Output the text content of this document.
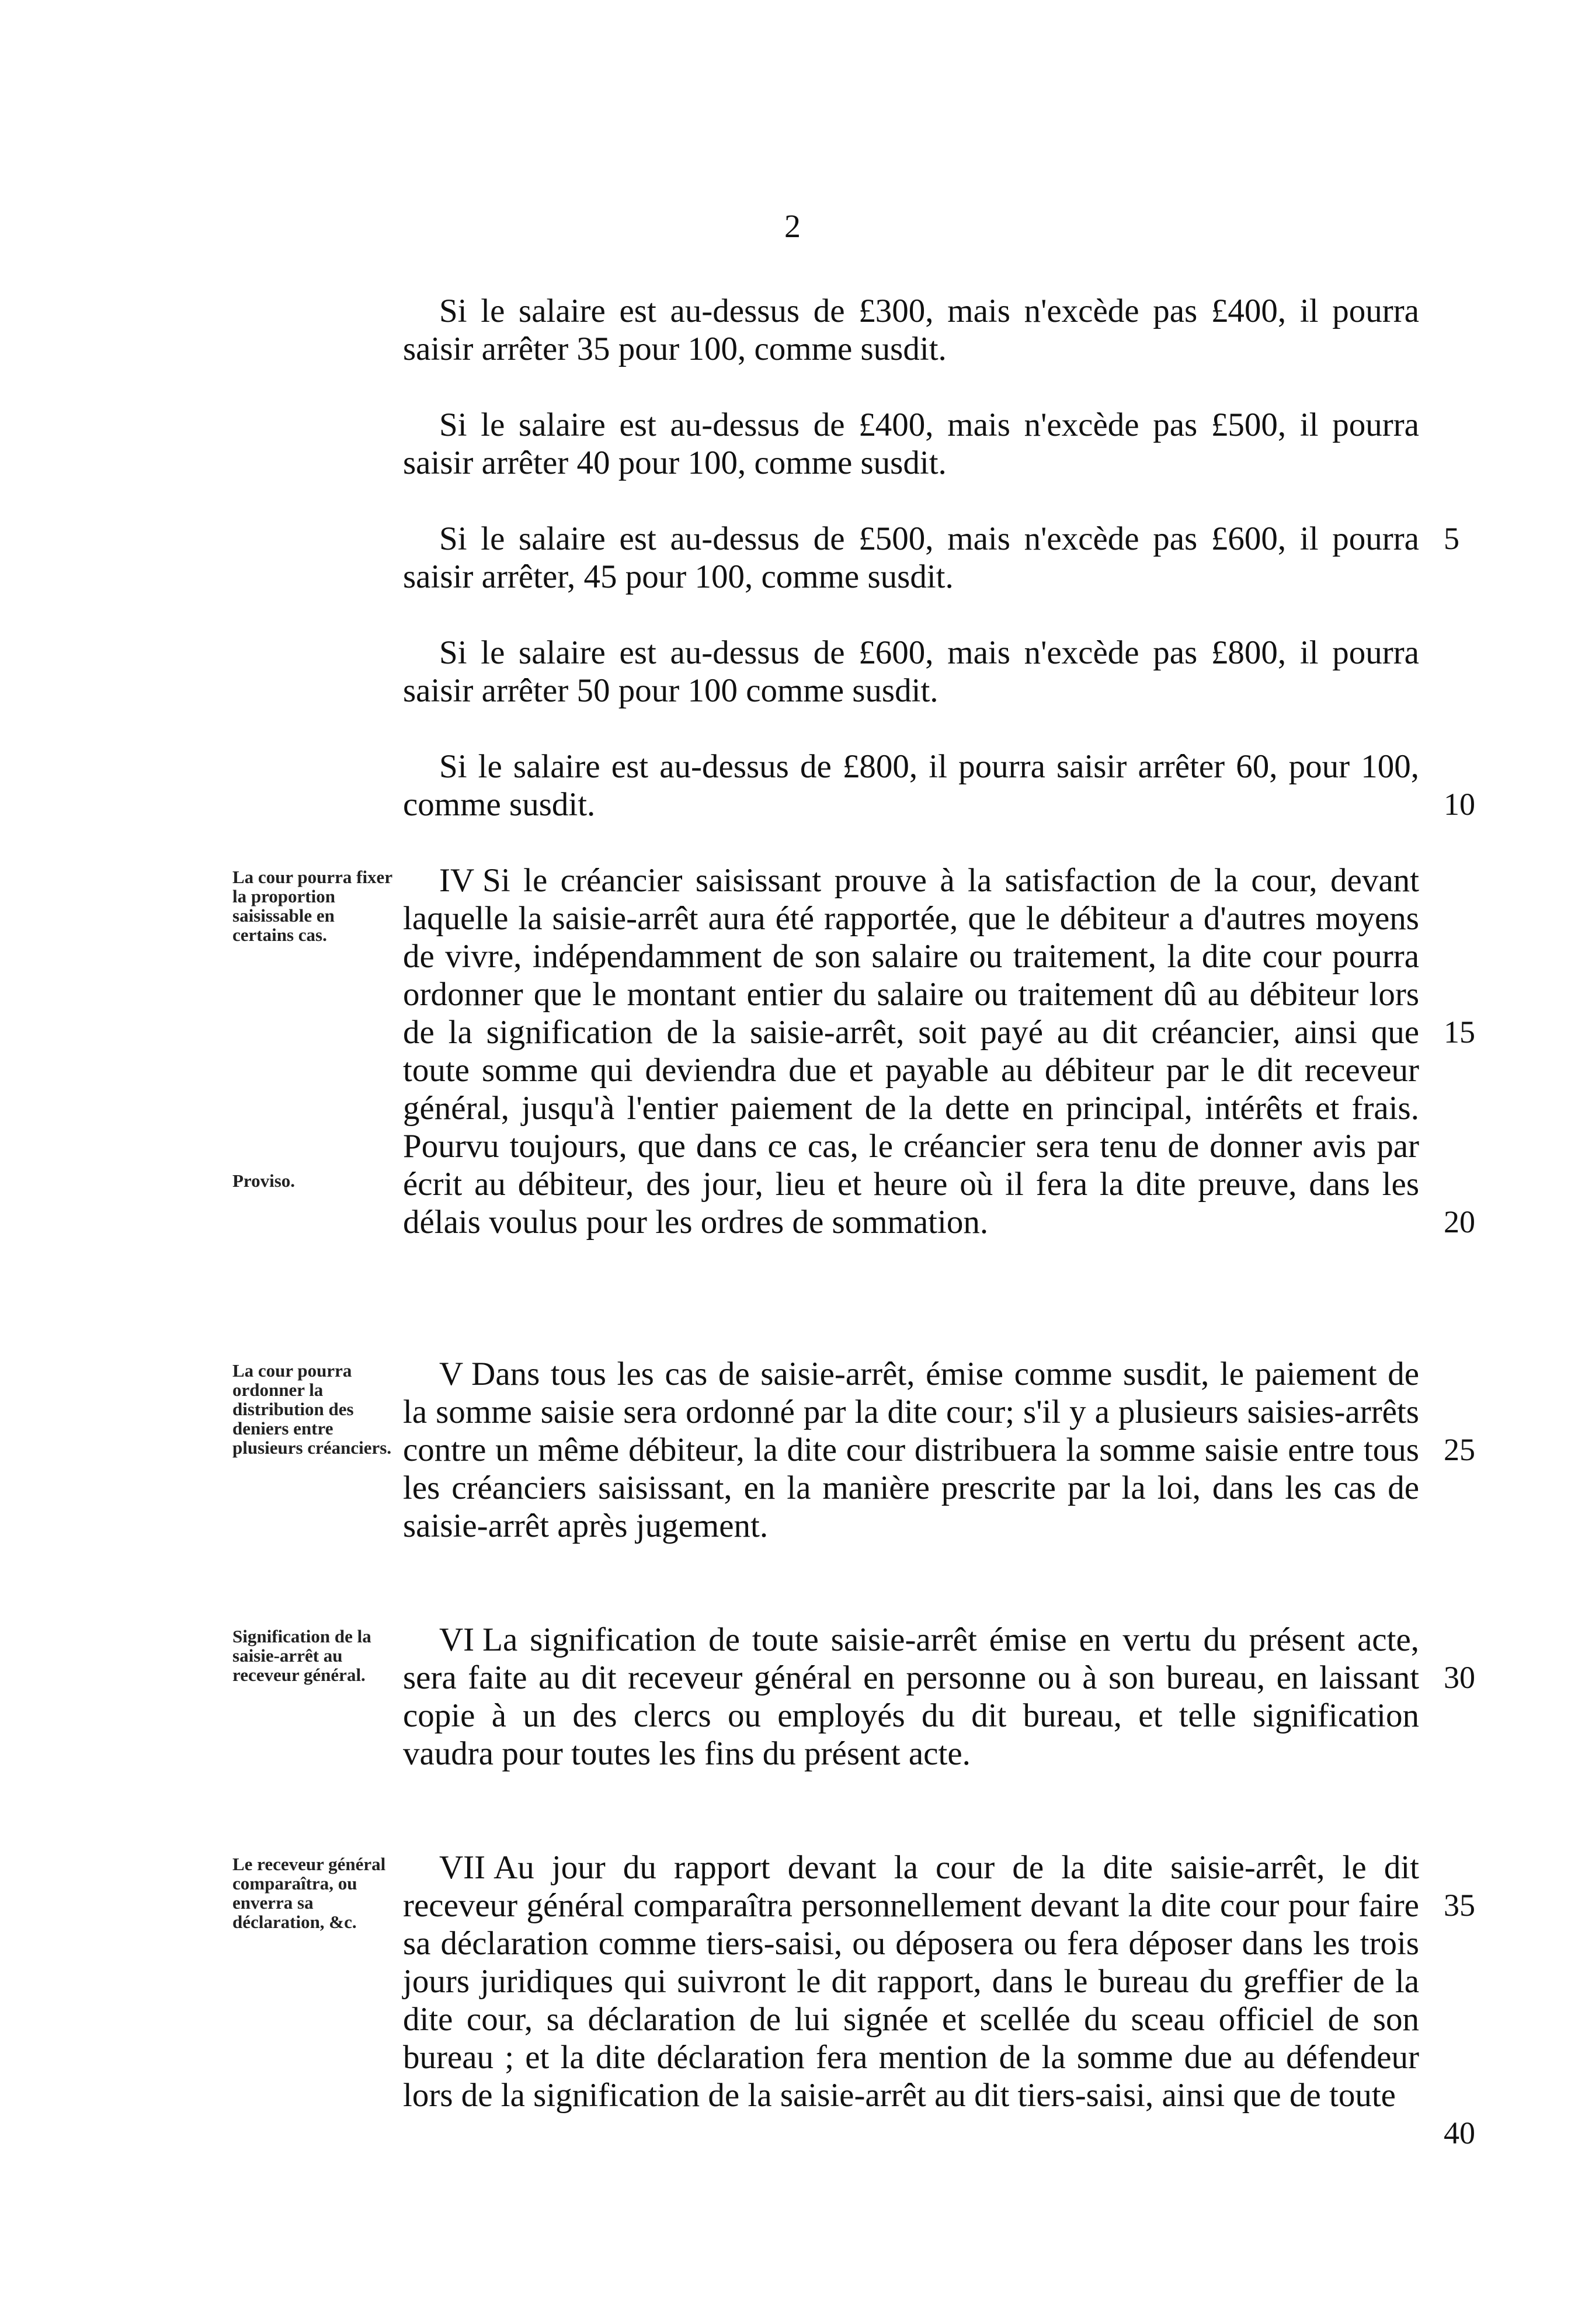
2
Si le salaire est au-dessus de £300, mais n'excède pas £400, il pourra saisir arrêter 35 pour 100, comme susdit.
Si le salaire est au-dessus de £400, mais n'excède pas £500, il pourra saisir arrêter 40 pour 100, comme susdit.
Si le salaire est au-dessus de £500, mais n'excède pas £600, il pourra saisir arrêter, 45 pour 100, comme susdit.
Si le salaire est au-dessus de £600, mais n'excède pas £800, il pourra saisir arrêter 50 pour 100 comme susdit.
Si le salaire est au-dessus de £800, il pourra saisir arrêter 60, pour 100, comme susdit.
IV Si le créancier saisissant prouve à la satisfaction de la cour, devant laquelle la saisie-arrêt aura été rapportée, que le débiteur a d'autres moyens de vivre, indépendamment de son salaire ou traitement, la dite cour pourra ordonner que le montant entier du salaire ou traitement dû au débiteur lors de la signification de la saisie-arrêt, soit payé au dit créancier, ainsi que toute somme qui deviendra due et payable au débiteur par le dit receveur général, jusqu'à l'entier paiement de la dette en principal, intérêts et frais. Pourvu toujours, que dans ce cas, le créancier sera tenu de donner avis par écrit au débiteur, des jour, lieu et heure où il fera la dite preuve, dans les délais voulus pour les ordres de sommation.
V Dans tous les cas de saisie-arrêt, émise comme susdit, le paiement de la somme saisie sera ordonné par la dite cour; s'il y a plusieurs saisies-arrêts contre un même débiteur, la dite cour distribuera la somme saisie entre tous les créanciers saisissant, en la manière prescrite par la loi, dans les cas de saisie-arrêt après jugement.
VI La signification de toute saisie-arrêt émise en vertu du présent acte, sera faite au dit receveur général en personne ou à son bureau, en laissant copie à un des clercs ou employés du dit bureau, et telle signification vaudra pour toutes les fins du présent acte.
VII Au jour du rapport devant la cour de la dite saisie-arrêt, le dit receveur général comparaîtra personnellement devant la dite cour pour faire sa déclaration comme tiers-saisi, ou déposera ou fera déposer dans les trois jours juridiques qui suivront le dit rapport, dans le bureau du greffier de la dite cour, sa déclaration de lui signée et scellée du sceau officiel de son bureau ; et la dite déclaration fera mention de la somme due au défendeur lors de la signification de la saisie-arrêt au dit tiers-saisi, ainsi que de toute
La cour pourra fixer la proportion saisissable en certains cas.
Proviso.
La cour pourra ordonner la distribution des deniers entre plusieurs créanciers.
Signification de la saisie-arrêt au receveur général.
Le receveur général comparaîtra, ou enverra sa déclaration, &c.
5
10
15
20
25
30
35
40
